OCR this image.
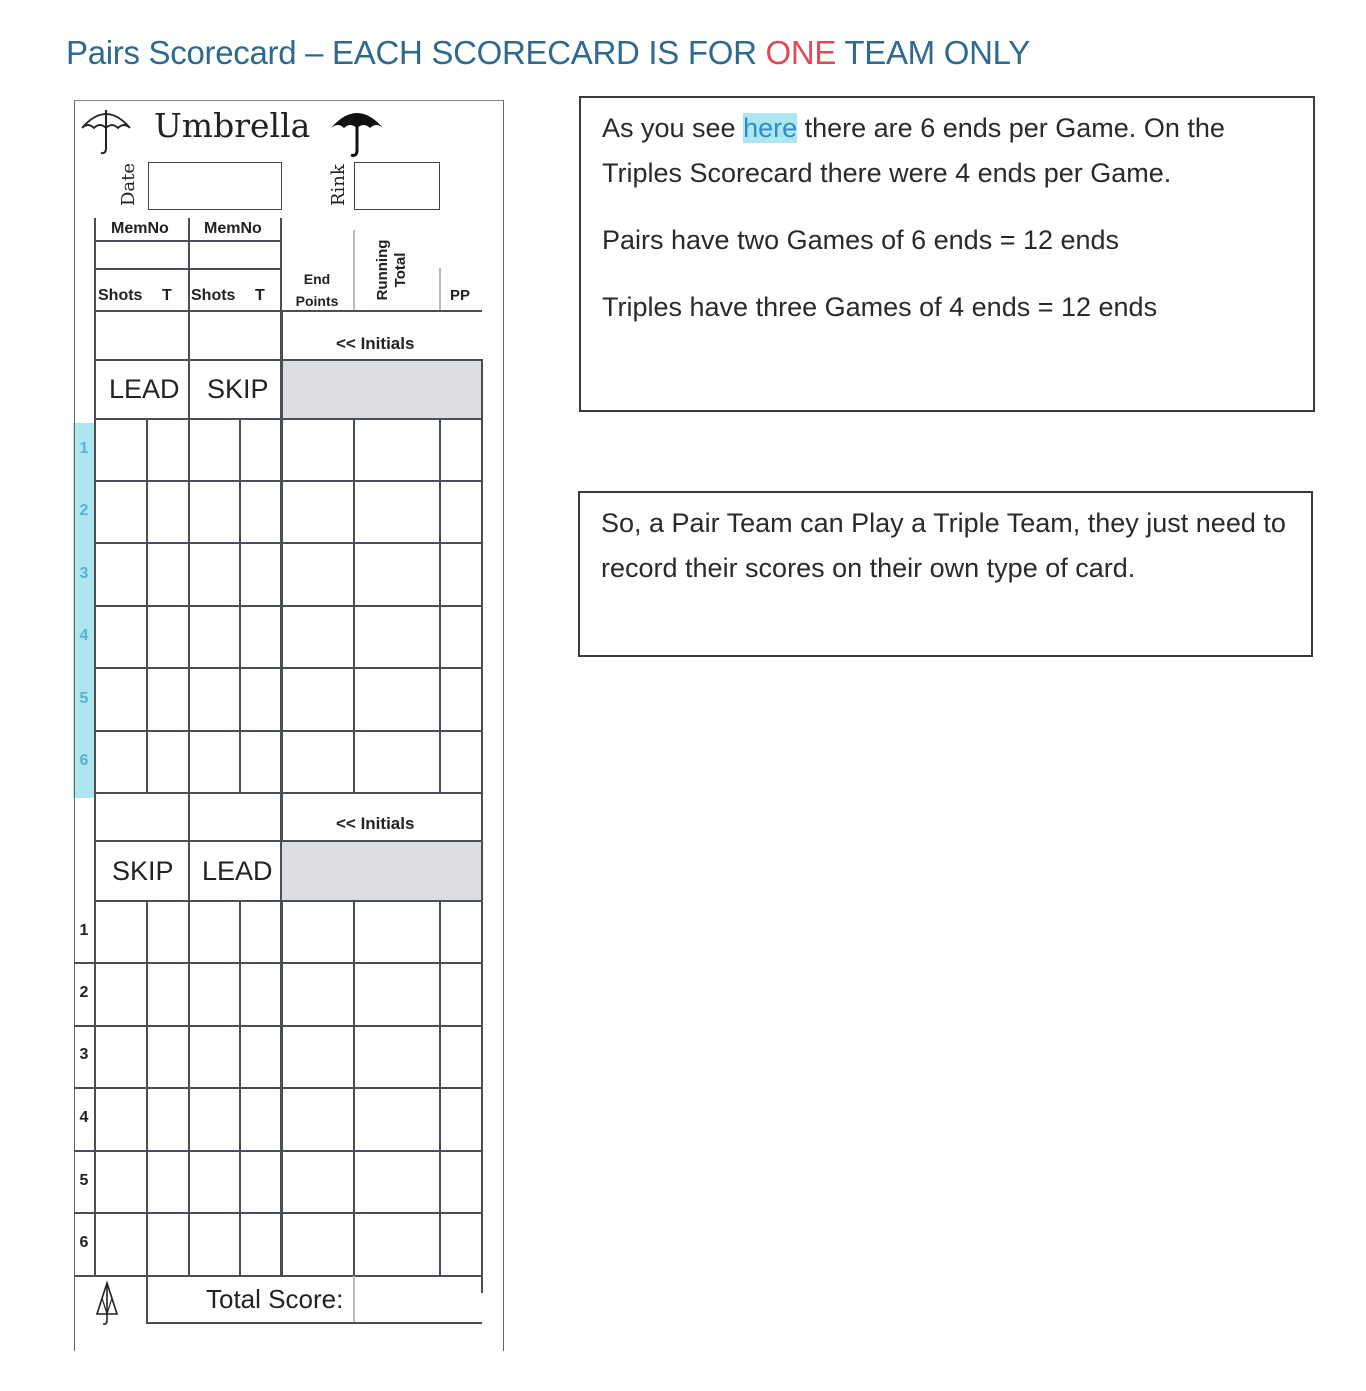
Pairs Scorecard – EACH SCORECARD IS FOR ONE TEAM ONLY
Umbrella
Date	Rink
MemNo MemNo
Shots T Shots T
End Points
Running Total
PP
<< Initials
LEAD SKIP
1
2
3
4
5
6
<< Initials
SKIP LEAD
1
2
3
4
5
6
Total Score:

As you see here there are 6 ends per Game. On the Triples Scorecard there were 4 ends per Game.

Pairs have two Games of 6 ends = 12 ends

Triples have three Games of 4 ends = 12 ends

So, a Pair Team can Play a Triple Team, they just need to record their scores on their own type of card.
